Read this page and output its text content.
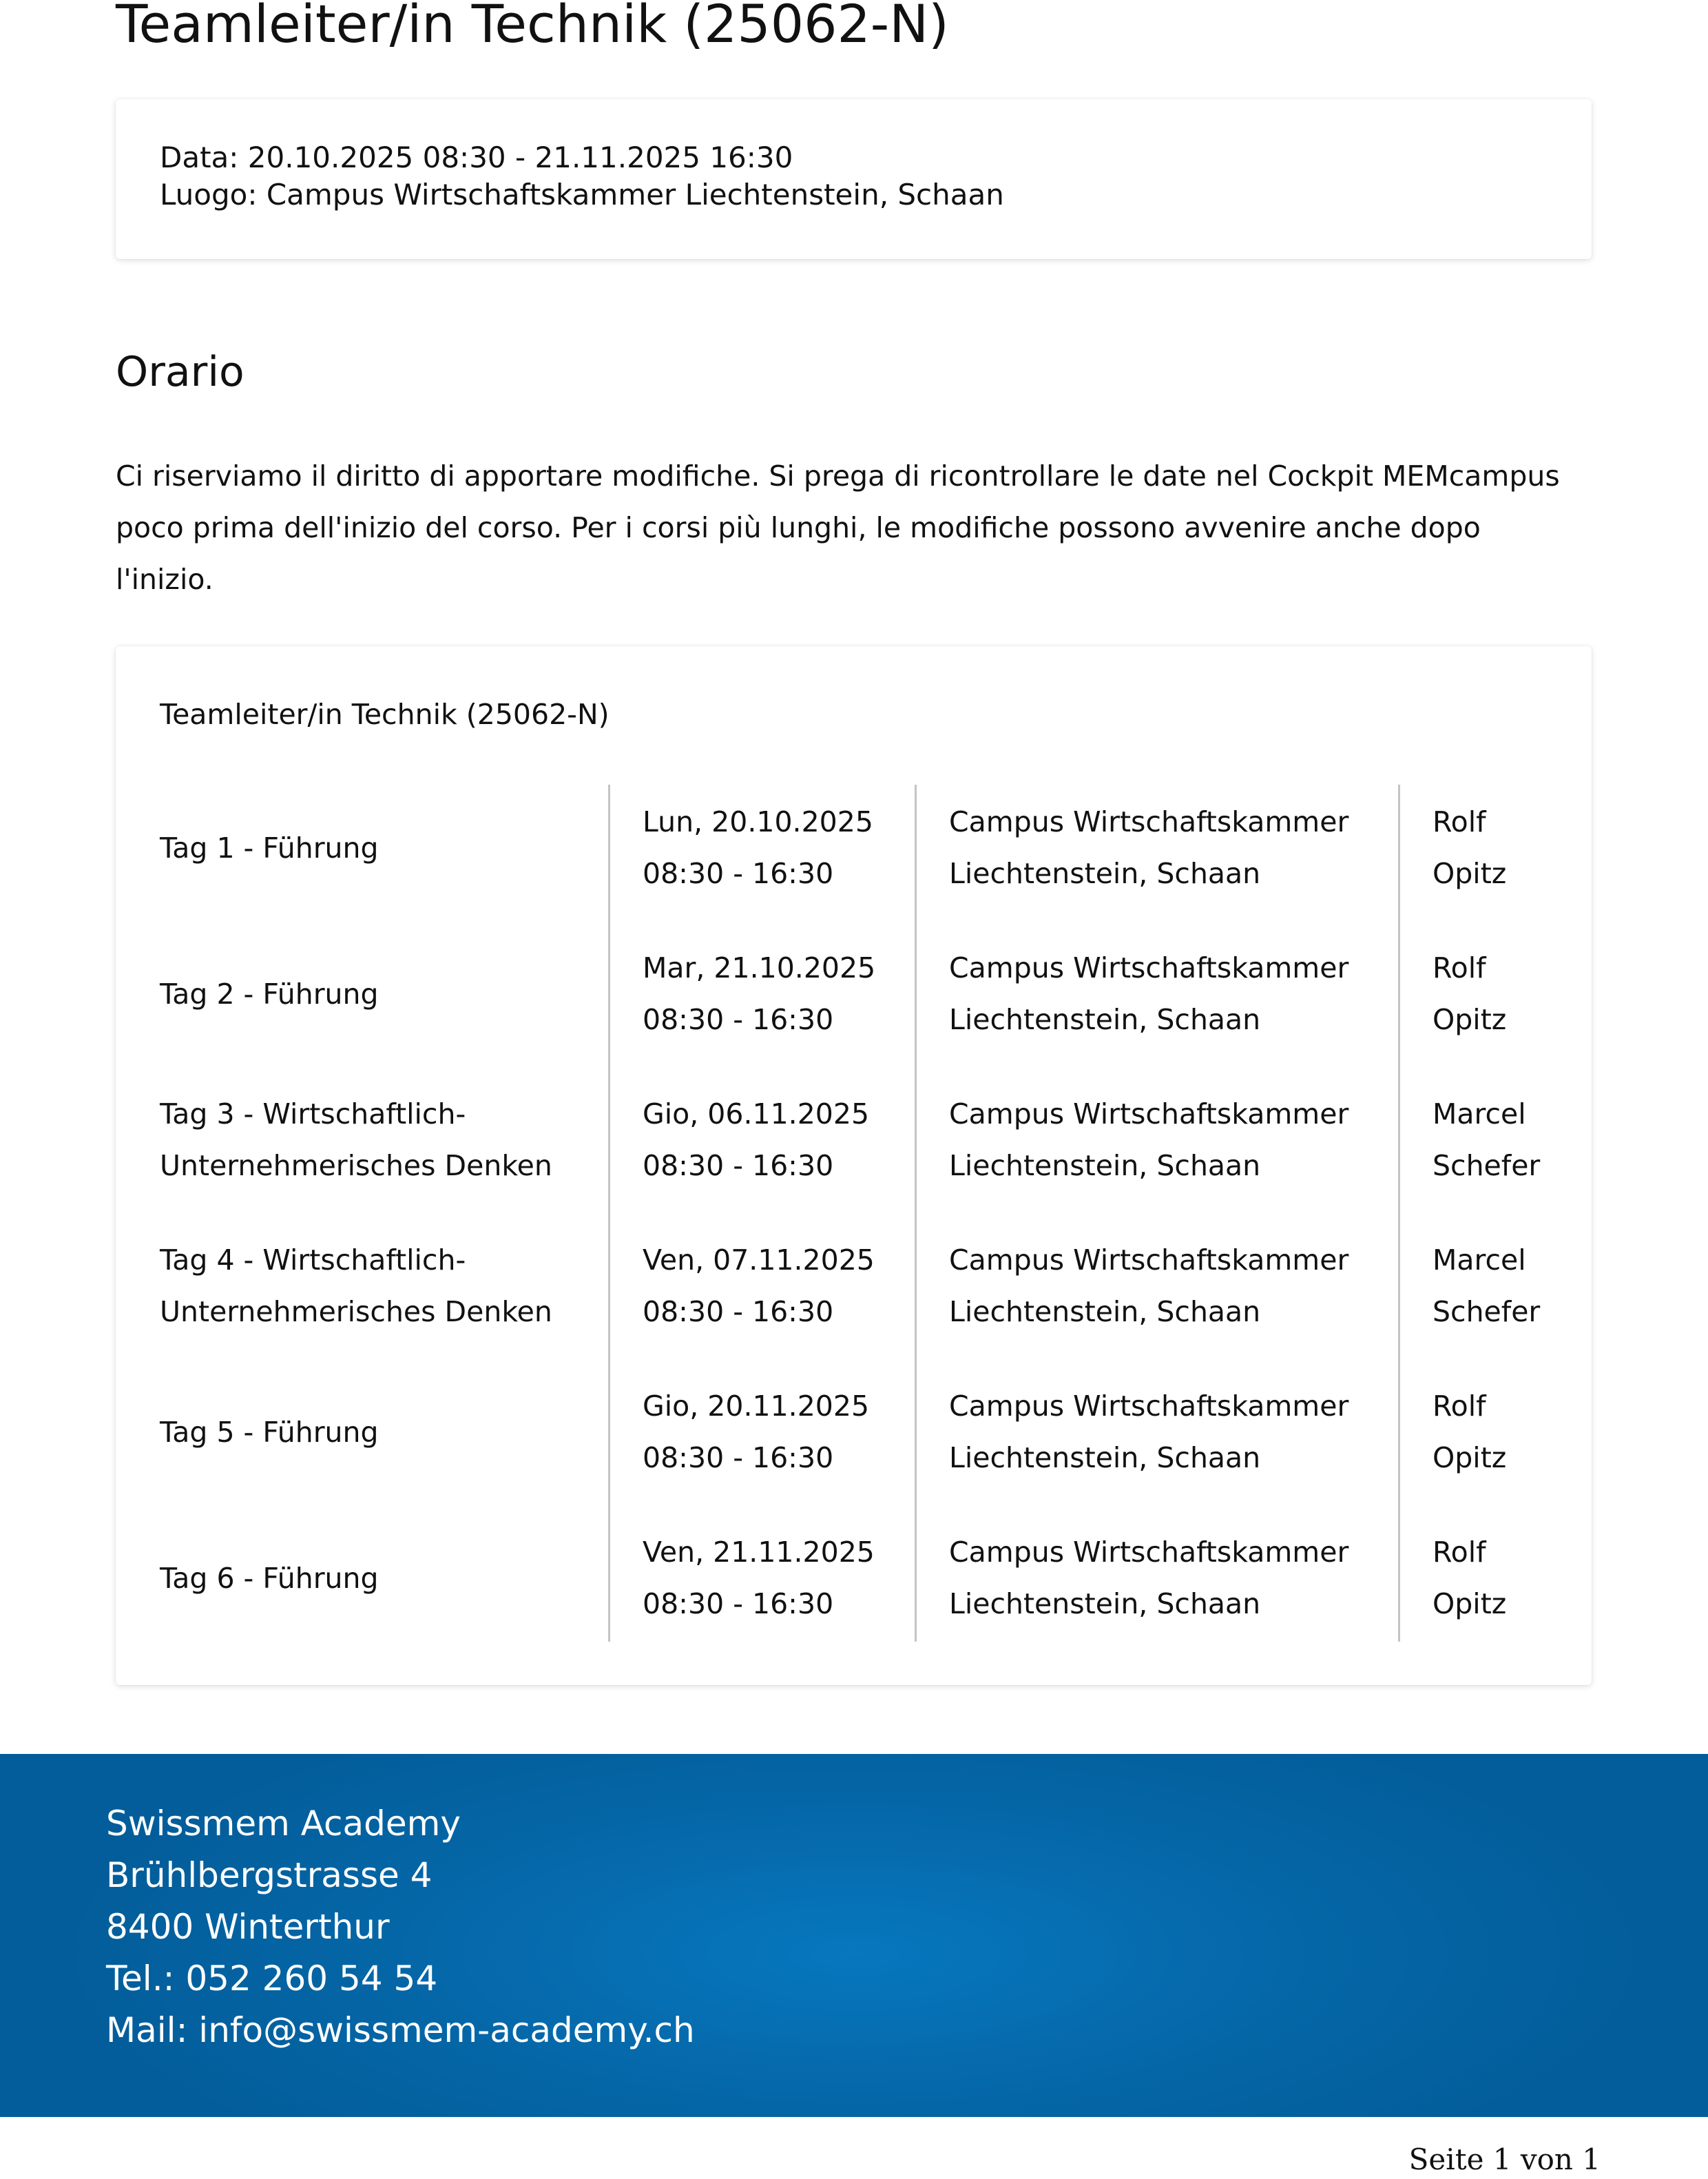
Teamleiter/in Technik (25062-N)
Data: 20.10.2025 08:30 - 21.11.2025 16:30
Luogo: Campus Wirtschaftskammer Liechtenstein, Schaan
Orario

Ci riserviamo il diritto di apportare modifiche. Si prega di ricontrollare le date nel Cockpit MEMcampus
poco prima dell'inizio del corso. Per i corsi più lunghi, le modifiche possono avvenire anche dopo
l'inizio.

Teamleiter/in Technik (25062-N)
Tag 1 - Führung
Lun, 20.10.2025
08:30 - 16:30
Campus Wirtschaftskammer
Liechtenstein, Schaan
Rolf
Opitz
Tag 2 - Führung
Mar, 21.10.2025
08:30 - 16:30
Campus Wirtschaftskammer
Liechtenstein, Schaan
Rolf
Opitz
Tag 3 - Wirtschaftlich-
Unternehmerisches Denken
Gio, 06.11.2025
08:30 - 16:30
Campus Wirtschaftskammer
Liechtenstein, Schaan
Marcel
Schefer
Tag 4 - Wirtschaftlich-
Unternehmerisches Denken
Ven, 07.11.2025
08:30 - 16:30
Campus Wirtschaftskammer
Liechtenstein, Schaan
Marcel
Schefer
Tag 5 - Führung
Gio, 20.11.2025
08:30 - 16:30
Campus Wirtschaftskammer
Liechtenstein, Schaan
Rolf
Opitz
Tag 6 - Führung
Ven, 21.11.2025
08:30 - 16:30
Campus Wirtschaftskammer
Liechtenstein, Schaan
Rolf
Opitz
Swissmem Academy
Brühlbergstrasse 4
8400 Winterthur
Tel.: 052 260 54 54
Mail: info@swissmem-academy.ch
Seite 1 von 1
